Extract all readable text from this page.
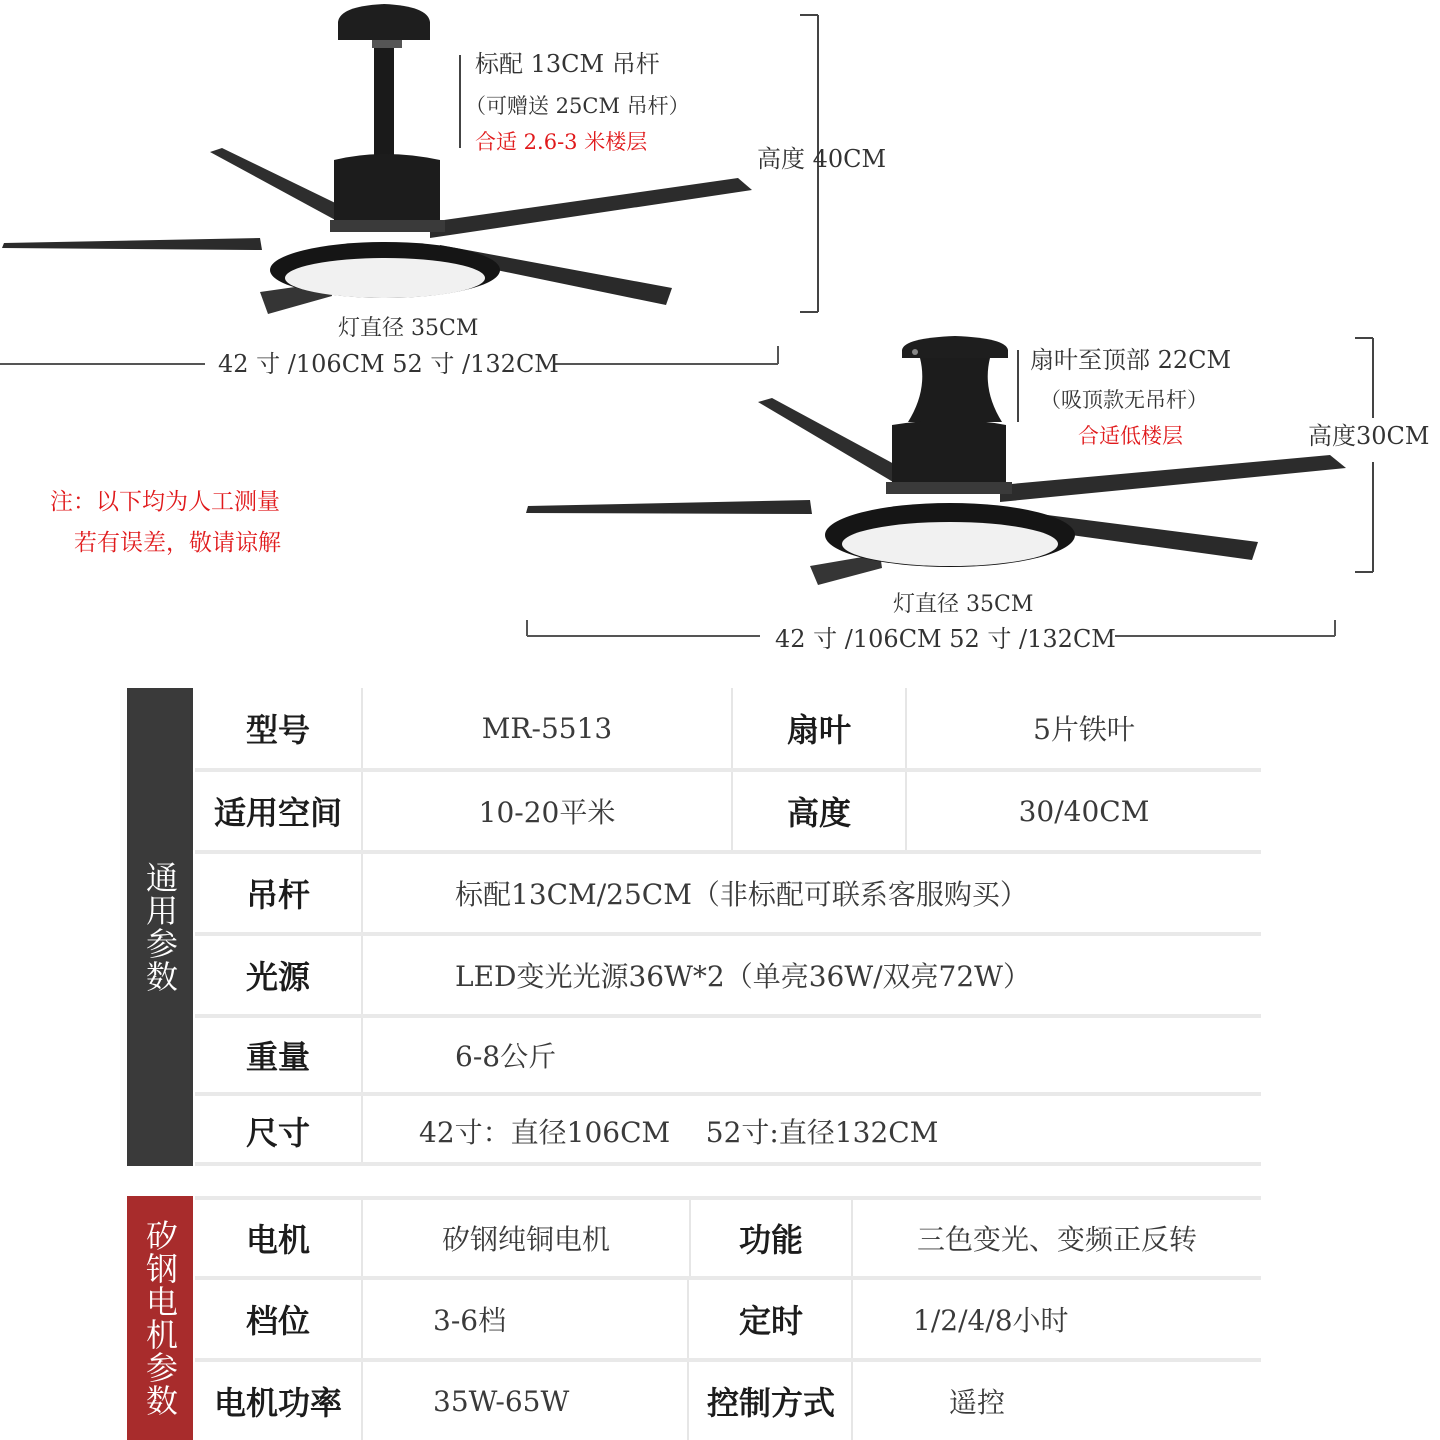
标配 13CM 吊杆
（可赠送 25CM 吊杆）
合适 2.6-3 米楼层
高度 40CM
灯直径 35CM
42 寸 /106CM 52 寸 /132CM
注：以下均为人工测量
若有误差，敬请谅解
扇叶至顶部 22CM
（吸顶款无吊杆）
合适低楼层	高度30CM
灯直径 35CM
42 寸 /106CM 52 寸 /132CM
通用参数
型号	MR-5513	扇叶	5片铁叶
适用空间	10-20平米	高度	30/40CM
吊杆	标配13CM/25CM（非标配可联系客服购买）
光源	LED变光光源36W*2（单亮36W/双亮72W）
重量	6-8公斤
尺寸	42寸：直径106CM    52寸:直径132CM
矽钢电机参数	电机	矽钢纯铜电机	功能	三色变光、变频正反转
档位	3-6档	定时	1/2/4/8小时
电机功率	35W-65W	控制方式	遥控
